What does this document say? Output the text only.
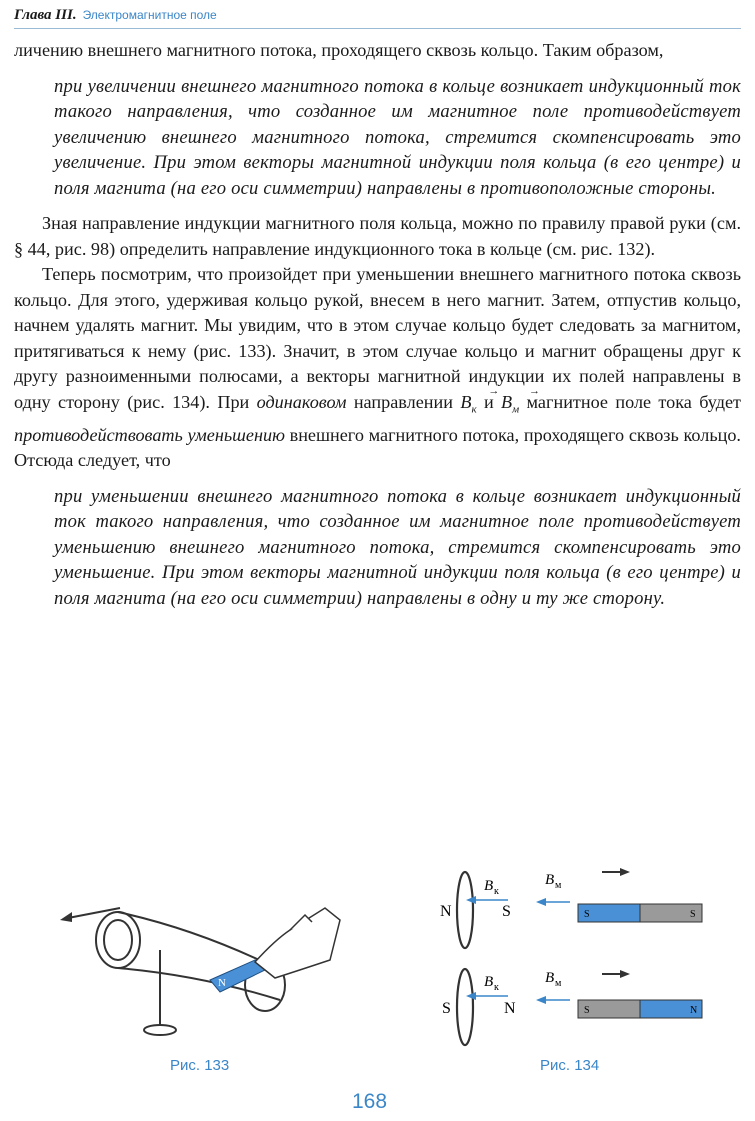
Глава III. Электромагнитное поле

личению внешнего магнитного потока, проходящего сквозь кольцо. Таким образом,

при увеличении внешнего магнитного потока в кольце возникает индукционный ток такого направления, что созданное им магнитное поле противодействует увеличению внешнего магнитного потока, стремится скомпенсировать это увеличение. При этом векторы магнитной индукции поля кольца (в его центре) и поля магнита (на его оси симметрии) направлены в противоположные стороны.

Зная направление индукции магнитного поля кольца, можно по правилу правой руки (см. § 44, рис. 98) определить направление индукционного тока в кольце (см. рис. 132).

Теперь посмотрим, что произойдет при уменьшении внешнего магнитного потока сквозь кольцо. Для этого, удерживая кольцо рукой, внесем в него магнит. Затем, отпустив кольцо, начнем удалять магнит. Мы увидим, что в этом случае кольцо будет следовать за магнитом, притягиваться к нему (рис. 133). Значит, в этом случае кольцо и магнит обращены друг к другу разноименными полюсами, а векторы магнитной индукции их полей направлены в одну сторону (рис. 134). При одинаковом направлении → $B_к$ $и \to B_м$ магнитное поле тока будет противодействовать уменьшению внешнего магнитного потока, проходящего сквозь кольцо. Отсюда следует, что

при уменьшении внешнего магнитного потока в кольце возникает индукционный ток такого направления, что созданное им магнитное поле противодействует уменьшению внешнего магнитного потока, стремится скомпенсировать это уменьшение. При этом векторы магнитной индукции поля кольца (в его центре) и поля магнита (на его оси симметрии) направлены в одну и ту же сторону.

N
Рис. 133
N	S
B к
B м
S	S
S	N
B к
B м
S	N
Рис. 134
168
